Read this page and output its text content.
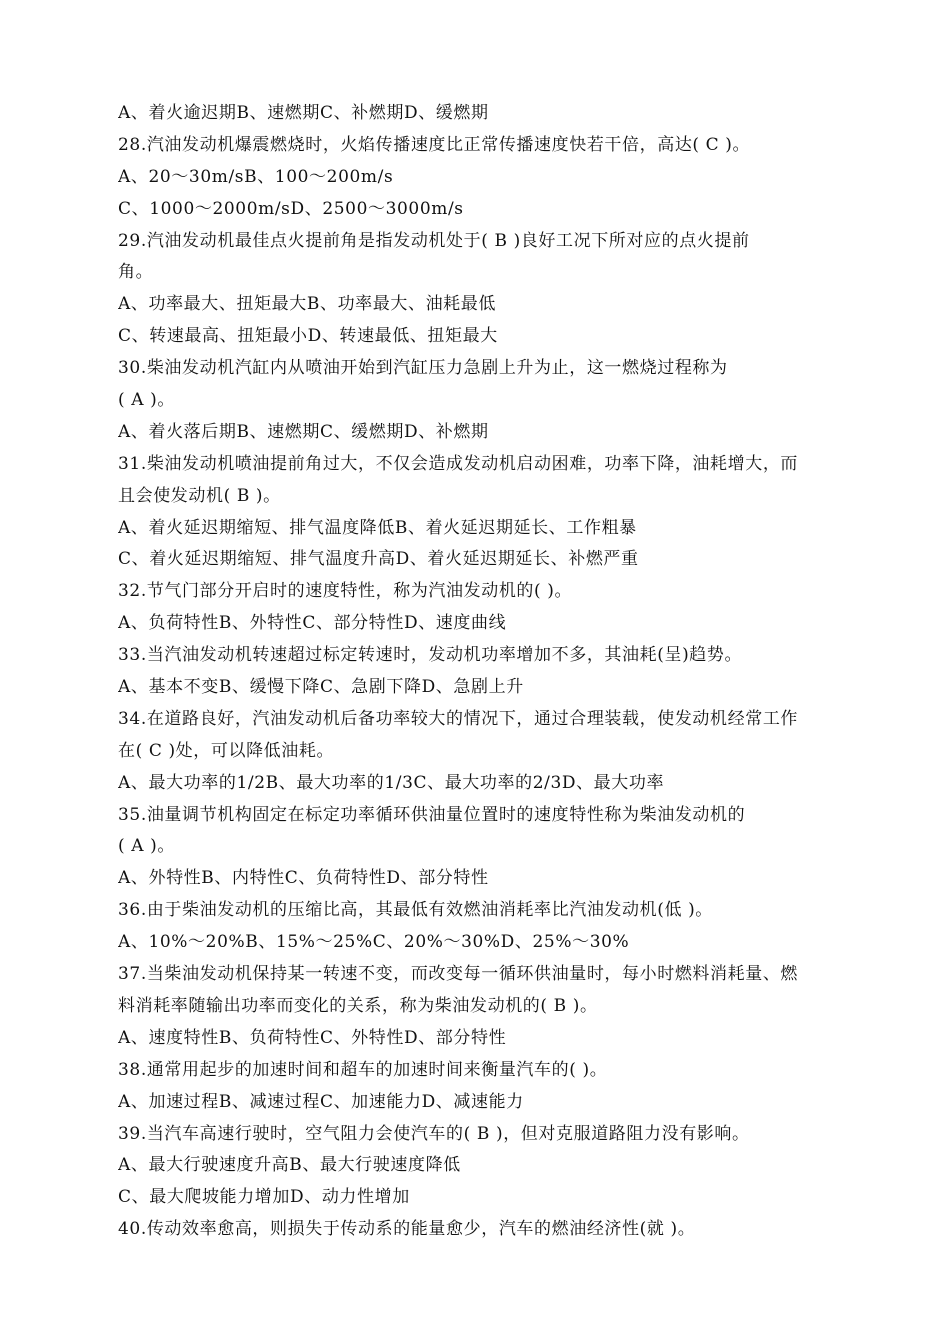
A、着火逾迟期B、速燃期C、补燃期D、缓燃期
28.汽油发动机爆震燃烧时，火焰传播速度比正常传播速度快若干倍，高达( C )。
A、20～30m/sB、100～200m/s
C、1000～2000m/sD、2500～3000m/s
29.汽油发动机最佳点火提前角是指发动机处于( B )良好工况下所对应的点火提前
角。
A、功率最大、扭矩最大B、功率最大、油耗最低
C、转速最高、扭矩最小D、转速最低、扭矩最大
30.柴油发动机汽缸内从喷油开始到汽缸压力急剧上升为止，这一燃烧过程称为
( A )。
A、着火落后期B、速燃期C、缓燃期D、补燃期
31.柴油发动机喷油提前角过大，不仅会造成发动机启动困难，功率下降，油耗增大，而
且会使发动机( B )。
A、着火延迟期缩短、排气温度降低B、着火延迟期延长、工作粗暴
C、着火延迟期缩短、排气温度升高D、着火延迟期延长、补燃严重
32.节气门部分开启时的速度特性，称为汽油发动机的( )。
A、负荷特性B、外特性C、部分特性D、速度曲线
33.当汽油发动机转速超过标定转速时，发动机功率增加不多，其油耗(呈)趋势。
A、基本不变B、缓慢下降C、急剧下降D、急剧上升
34.在道路良好，汽油发动机后备功率较大的情况下，通过合理装载，使发动机经常工作
在( C )处，可以降低油耗。
A、最大功率的1/2B、最大功率的1/3C、最大功率的2/3D、最大功率
35.油量调节机构固定在标定功率循环供油量位置时的速度特性称为柴油发动机的
( A )。
A、外特性B、内特性C、负荷特性D、部分特性
36.由于柴油发动机的压缩比高，其最低有效燃油消耗率比汽油发动机(低 )。
A、10%～20%B、15%～25%C、20%～30%D、25%～30%
37.当柴油发动机保持某一转速不变，而改变每一循环供油量时，每小时燃料消耗量、燃
料消耗率随输出功率而变化的关系，称为柴油发动机的( B )。
A、速度特性B、负荷特性C、外特性D、部分特性
38.通常用起步的加速时间和超车的加速时间来衡量汽车的( )。
A、加速过程B、减速过程C、加速能力D、减速能力
39.当汽车高速行驶时，空气阻力会使汽车的( B )，但对克服道路阻力没有影响。
A、最大行驶速度升高B、最大行驶速度降低
C、最大爬坡能力增加D、动力性增加
40.传动效率愈高，则损失于传动系的能量愈少，汽车的燃油经济性(就 )。
